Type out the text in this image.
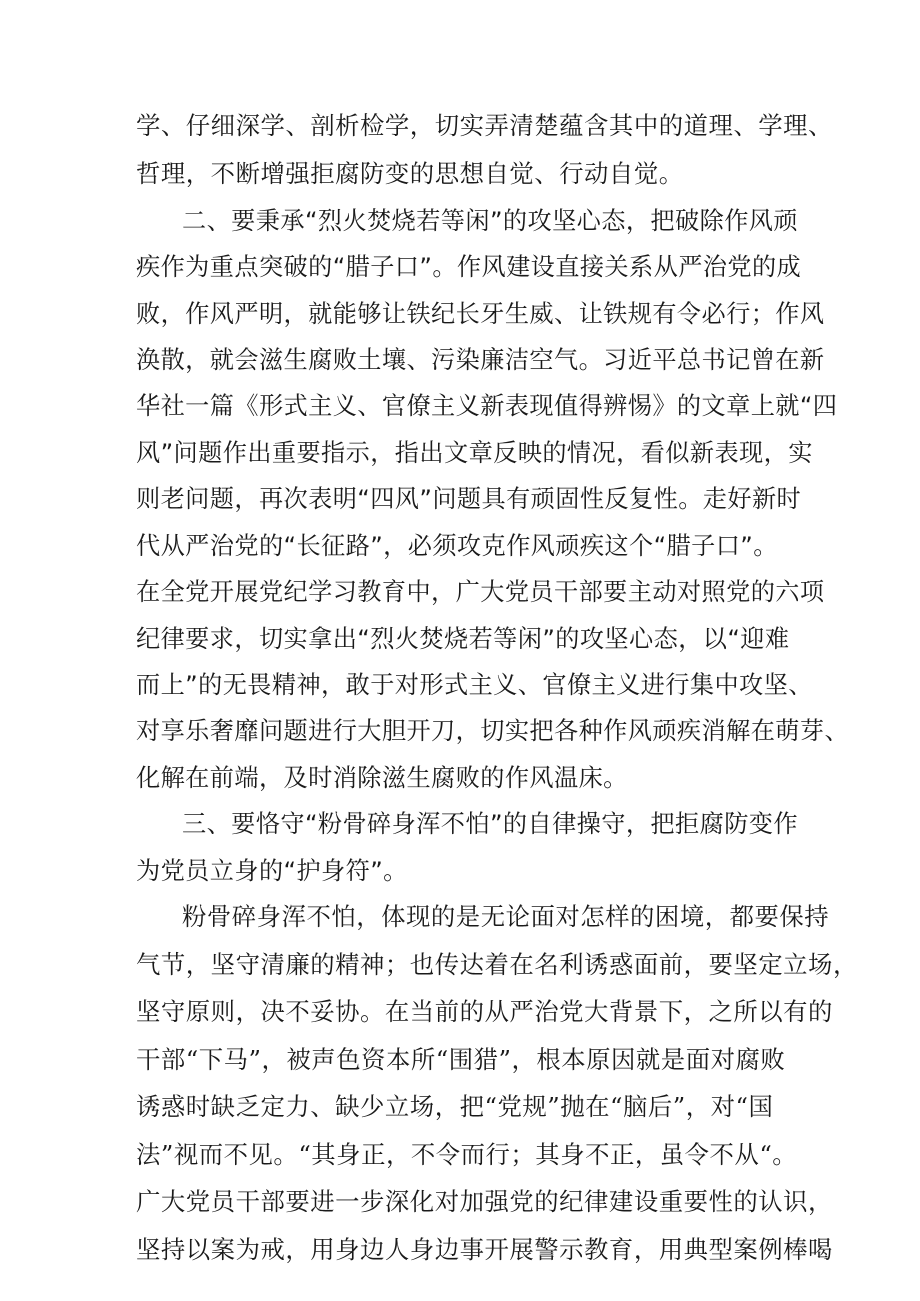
学、仔细深学、剖析检学，切实弄清楚蕴含其中的道理、学理、

哲理，不断增强拒腐防变的思想自觉、行动自觉。

二、要秉承“烈火焚烧若等闲”的攻坚心态，把破除作风顽

疾作为重点突破的“腊子口”。作风建设直接关系从严治党的成

败，作风严明，就能够让铁纪长牙生威、让铁规有令必行；作风

涣散，就会滋生腐败土壤、污染廉洁空气。习近平总书记曾在新

华社一篇《形式主义、官僚主义新表现值得辨惕》的文章上就“四

风”问题作出重要指示，指出文章反映的情况，看似新表现，实

则老问题，再次表明“四风”问题具有顽固性反复性。走好新时

代从严治党的“长征路”，必须攻克作风顽疾这个“腊子口”。

在全党开展党纪学习教育中，广大党员干部要主动对照党的六项

纪律要求，切实拿出“烈火焚烧若等闲”的攻坚心态，以“迎难

而上”的无畏精神，敢于对形式主义、官僚主义进行集中攻坚、

对享乐奢靡问题进行大胆开刀，切实把各种作风顽疾消解在萌芽、

化解在前端，及时消除滋生腐败的作风温床。

三、要恪守“粉骨碎身浑不怕”的自律操守，把拒腐防变作

为党员立身的“护身符”。

粉骨碎身浑不怕，体现的是无论面对怎样的困境，都要保持

气节，坚守清廉的精神；也传达着在名利诱惑面前，要坚定立场，

坚守原则，决不妥协。在当前的从严治党大背景下，之所以有的

干部“下马”，被声色资本所“围猎”，根本原因就是面对腐败

诱惑时缺乏定力、缺少立场，把“党规”抛在“脑后”，对“国

法”视而不见。“其身正，不令而行；其身不正，虽令不从“。

广大党员干部要进一步深化对加强党的纪律建设重要性的认识，

坚持以案为戒，用身边人身边事开展警示教育，用典型案例棒喝
